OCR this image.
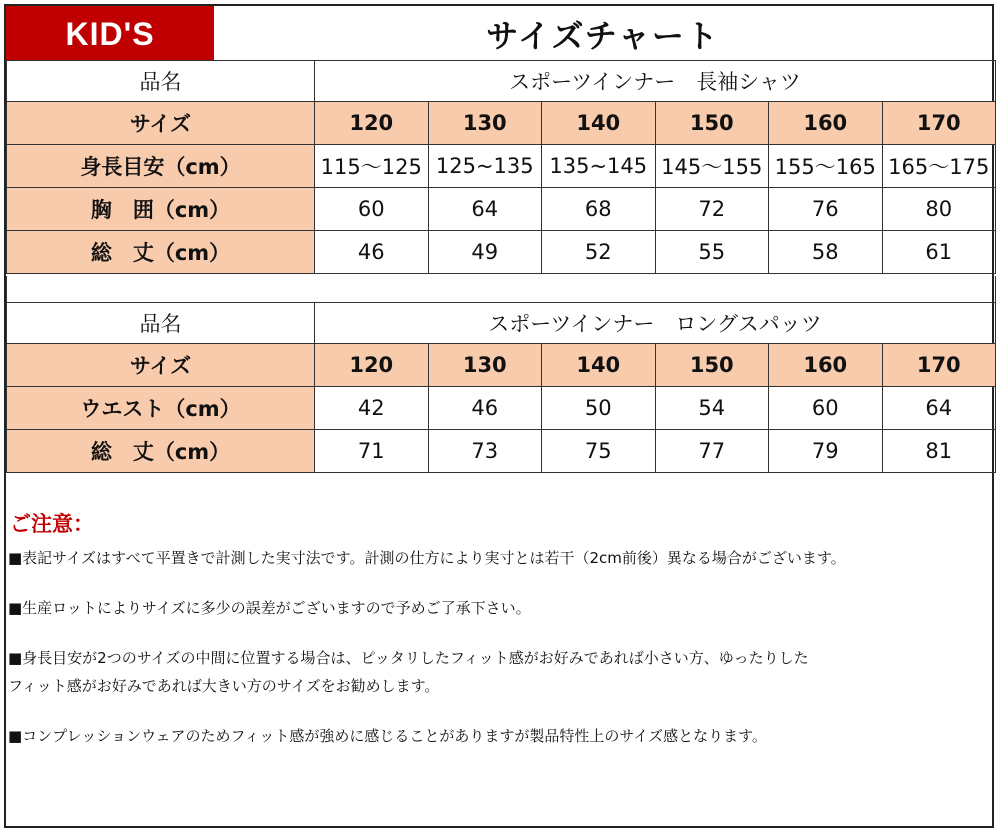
KID'S	サイズチャート
品名	スポーツインナー　長袖シャツ					
サイズ	120	130	140	150	160	170
身長目安（cm）	115～125	125~135	135~145	145～155	155～165	165～175
胸　囲（cm）	60	64	68	72	76	80
総　丈（cm）	46	49	52	55	58	61
品名	スポーツインナー　ロングスパッツ					
サイズ	120	130	140	150	160	170
ウエスト（cm）	42	46	50	54	60	64
総　丈（cm）	71	73	75	77	79	81
ご注意：
■表記サイズはすべて平置きで計測した実寸法です。計測の仕方により実寸とは若干（2cm前後）異なる場合がございます。
■生産ロットによりサイズに多少の誤差がございますので予めご了承下さい。
■身長目安が2つのサイズの中間に位置する場合は、ピッタリしたフィット感がお好みであれば小さい方、ゆったりした
フィット感がお好みであれば大きい方のサイズをお勧めします。
■コンプレッションウェアのためフィット感が強めに感じることがありますが製品特性上のサイズ感となります。
